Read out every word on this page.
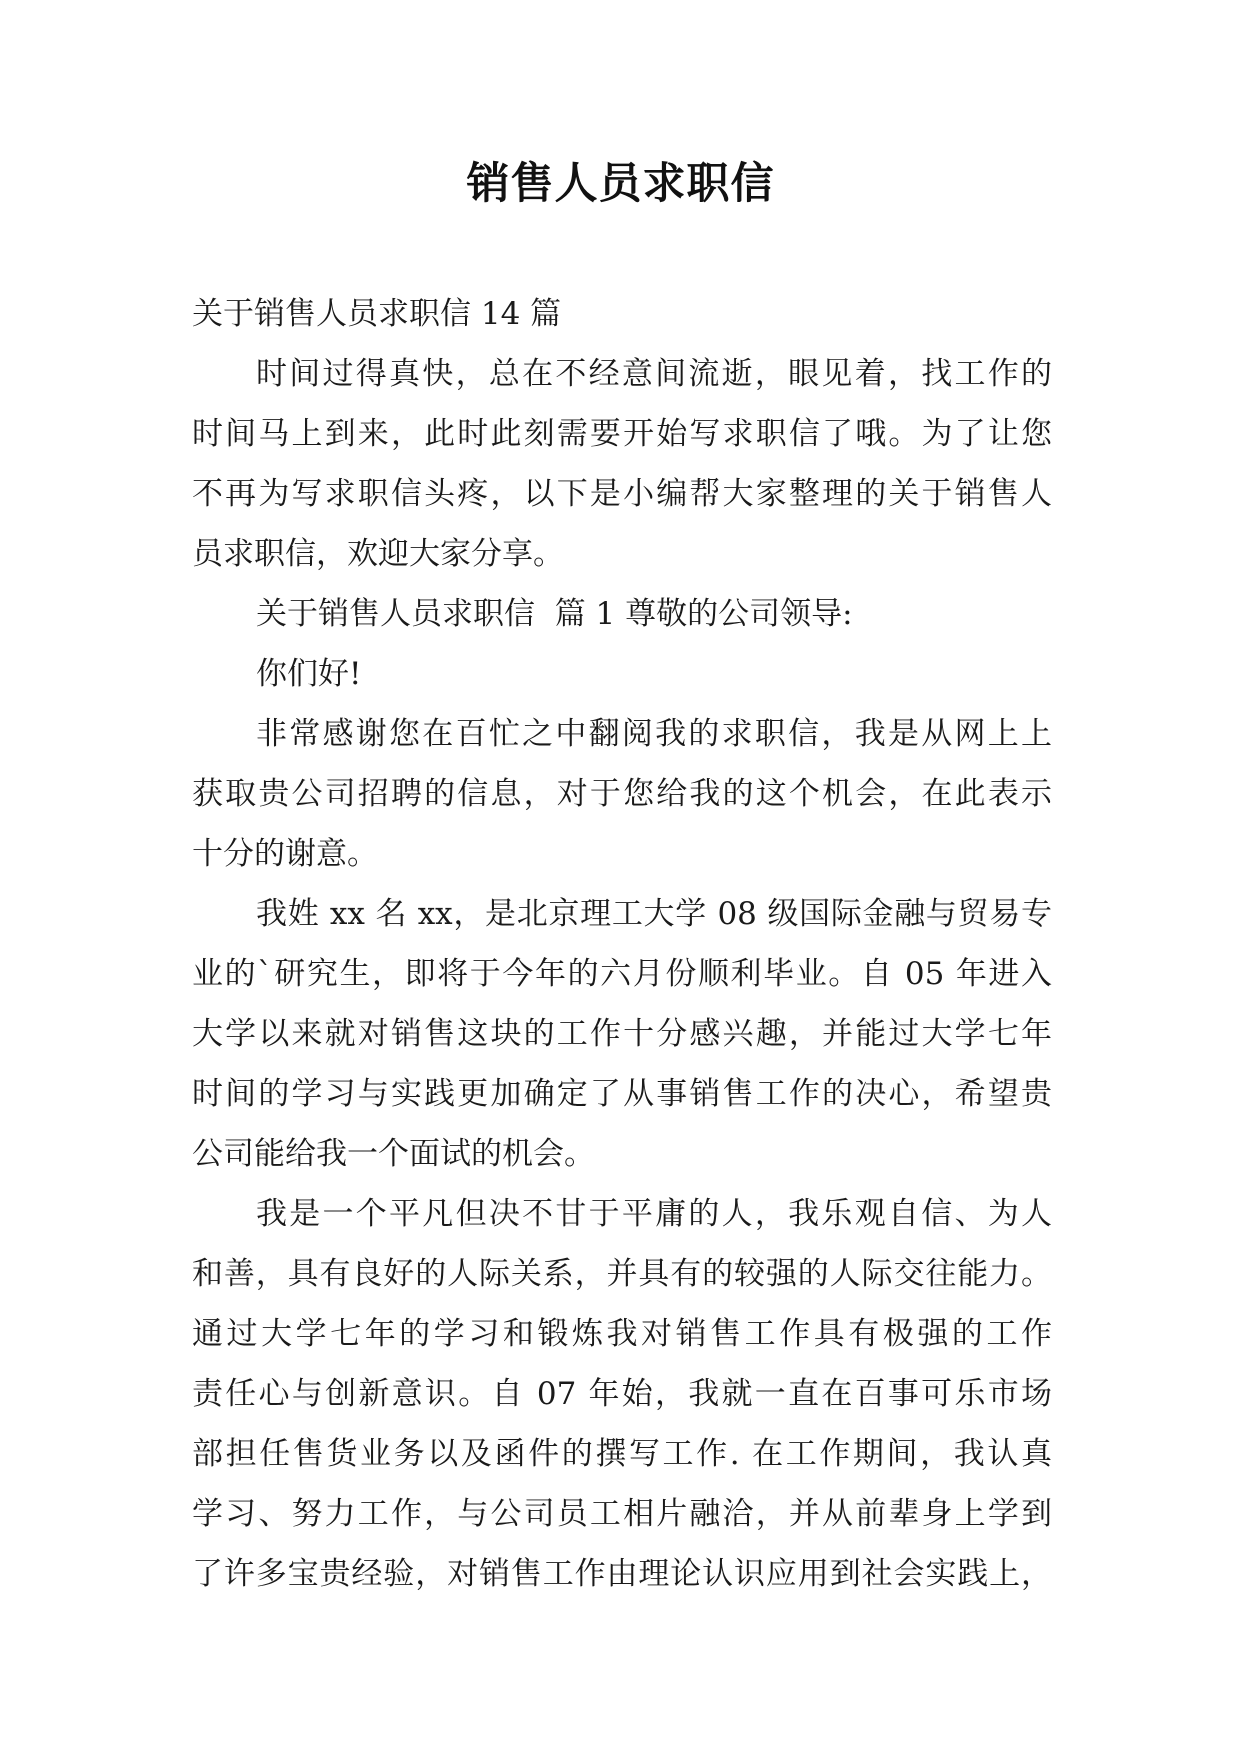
销售人员求职信
关于销售人员求职信 14 篇
时间过得真快，总在不经意间流逝，眼见着，找工作的
时间马上到来，此时此刻需要开始写求职信了哦。为了让您
不再为写求职信头疼，以下是小编帮大家整理的关于销售人
员求职信，欢迎大家分享。
关于销售人员求职信  篇 1 尊敬的公司领导:
你们好!
非常感谢您在百忙之中翻阅我的求职信，我是从网上上
获取贵公司招聘的信息，对于您给我的这个机会，在此表示
十分的谢意。
我姓 xx 名 xx，是北京理工大学 08 级国际金融与贸易专
业的`研究生，即将于今年的六月份顺利毕业。自 05 年进入
大学以来就对销售这块的工作十分感兴趣，并能过大学七年
时间的学习与实践更加确定了从事销售工作的决心，希望贵
公司能给我一个面试的机会。
我是一个平凡但决不甘于平庸的人，我乐观自信、为人
和善，具有良好的人际关系，并具有的较强的人际交往能力。
通过大学七年的学习和锻炼我对销售工作具有极强的工作
责任心与创新意识。自 07 年始，我就一直在百事可乐市场
部担任售货业务以及函件的撰写工作. 在工作期间，我认真
学习、努力工作，与公司员工相片融洽，并从前辈身上学到
了许多宝贵经验，对销售工作由理论认识应用到社会实践上，
